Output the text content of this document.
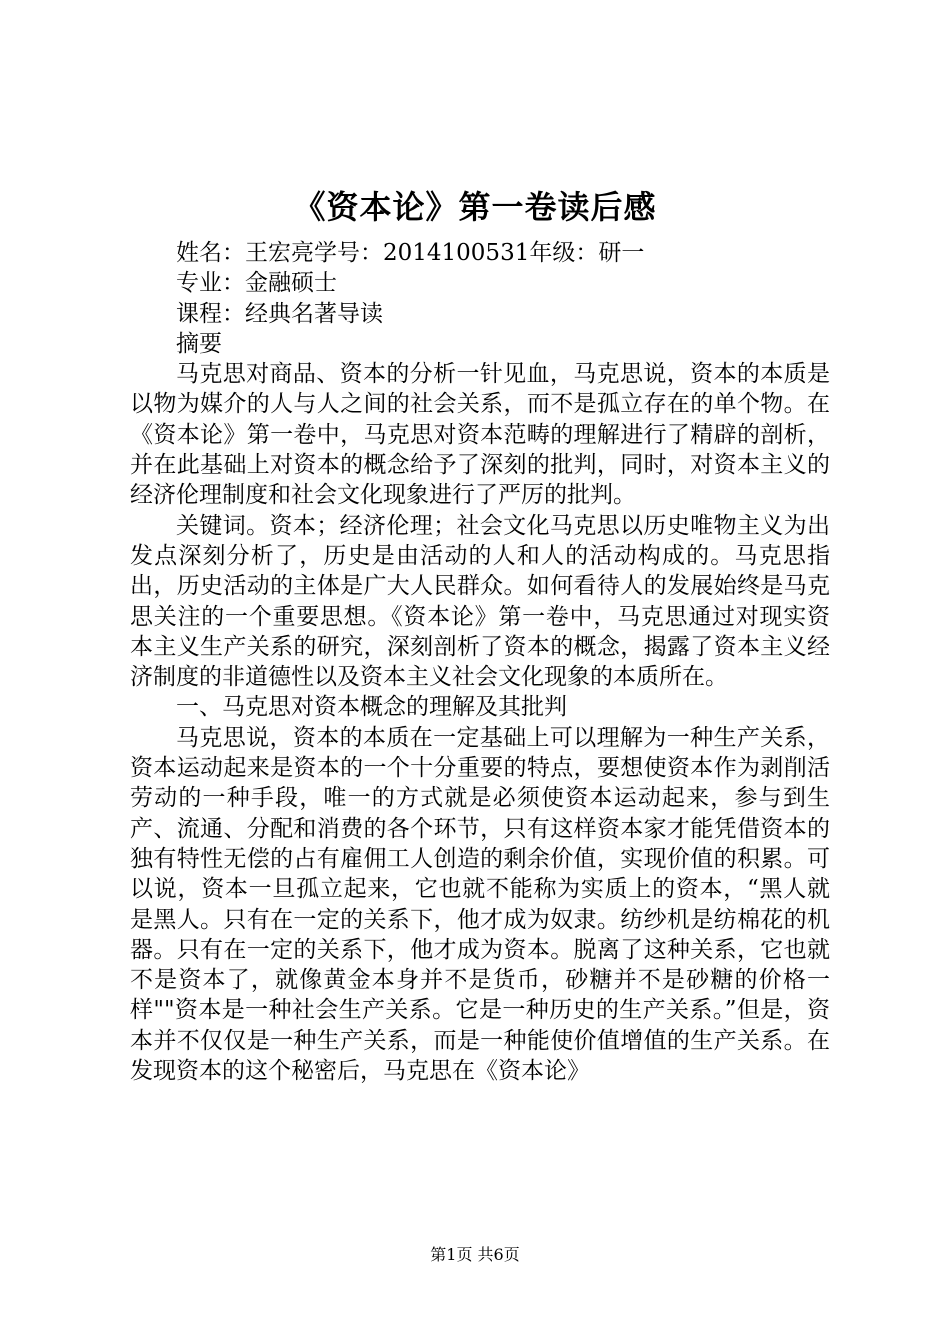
《资本论》第一卷读后感

姓名：王宏亮学号：2014100531年级：研一

专业：金融硕士

课程：经典名著导读

摘要

马克思对商品、资本的分析一针见血，马克思说，资本的本质是以物为媒介的人与人之间的社会关系，而不是孤立存在的单个物。在《资本论》第一卷中，马克思对资本范畴的理解进行了精辟的剖析，并在此基础上对资本的概念给予了深刻的批判，同时，对资本主义的经济伦理制度和社会文化现象进行了严厉的批判。

关键词。资本；经济伦理；社会文化马克思以历史唯物主义为出发点深刻分析了，历史是由活动的人和人的活动构成的。马克思指出，历史活动的主体是广大人民群众。如何看待人的发展始终是马克思关注的一个重要思想。《资本论》第一卷中，马克思通过对现实资本主义生产关系的研究，深刻剖析了资本的概念，揭露了资本主义经济制度的非道德性以及资本主义社会文化现象的本质所在。

一、马克思对资本概念的理解及其批判

马克思说，资本的本质在一定基础上可以理解为一种生产关系，资本运动起来是资本的一个十分重要的特点，要想使资本作为剥削活劳动的一种手段，唯一的方式就是必须使资本运动起来，参与到生产、流通、分配和消费的各个环节，只有这样资本家才能凭借资本的独有特性无偿的占有雇佣工人创造的剩余价值，实现价值的积累。可以说，资本一旦孤立起来，它也就不能称为实质上的资本，“黑人就是黑人。只有在一定的关系下，他才成为奴隶。纺纱机是纺棉花的机器。只有在一定的关系下，他才成为资本。脱离了这种关系，它也就不是资本了，就像黄金本身并不是货币，砂糖并不是砂糖的价格一样""资本是一种社会生产关系。它是一种历史的生产关系。”但是，资本并不仅仅是一种生产关系，而是一种能使价值增值的生产关系。在发现资本的这个秘密后，马克思在《资本论》

第1页 共6页
